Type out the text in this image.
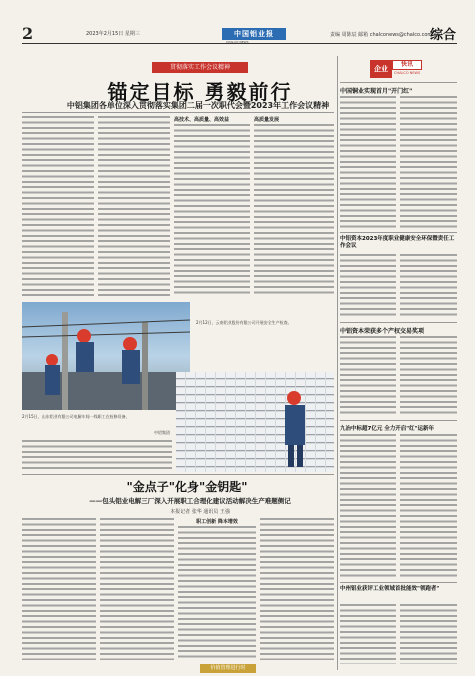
2	2023年2月15日 星期三	中国铝业报
CHALCO NEWS
责编 周陈辰 邮箱 chalconews@chalco.com.cn
综合
贯彻落实工作会议精神
锚定目标 勇毅前行
中铝集团各单位深入贯彻落实集团二届一次职代会暨2023年工作会议精神
高技术、高质量、高效益	高质量发展
2月12日，云南铝业股份有限公司开展安全生产检查。
2月15日，山东铝业有限公司电解车间一线职工在检修设备，
中铝集团
"金点子"化身"金钥匙"
——包头铝业电解三厂深入开展职工合理化建议活动解决生产难题侧记
本报记者 张华 通讯员 王强
职工创新 降本增效
价值管理进行时
企业
快讯
CHALCO NEWS
中国铜业实现首月"开门红"
中铝资本2023年度职业健康安全环保暨责任工作会议
中铝资本荣获多个产权交易奖项
九冶中标超7亿元 全力开启"红"运新年
中州铝业获评工业领域首批能效"领跑者"
